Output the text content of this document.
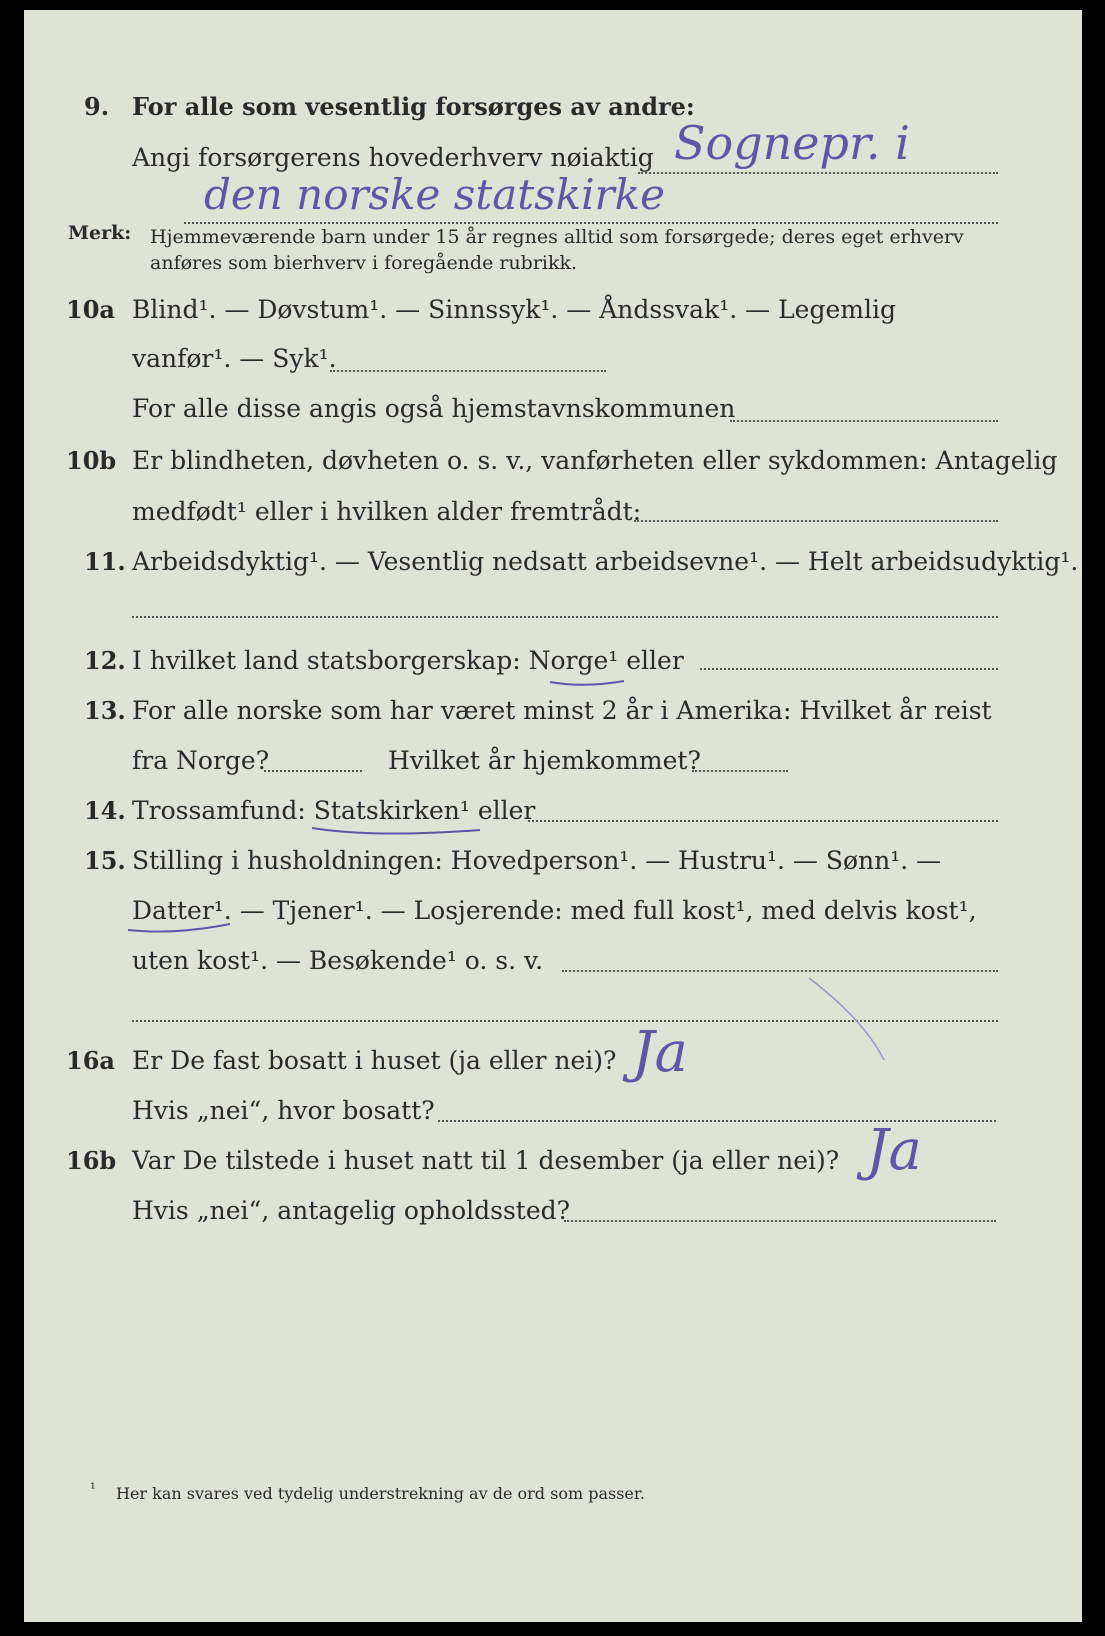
9. For alle som vesentlig forsørges av andre:
Angi forsørgerens hovederhverv nøiaktig Sognepr. i
den norske statskirke
Merk: Hjemmeværende barn under 15 år regnes alltid som forsørgede; deres eget erhverv
anføres som bierhverv i foregående rubrikk.
10a Blind¹. — Døvstum¹. — Sinnssyk¹. — Åndssvak¹. — Legemlig
vanfør¹. — Syk¹.
For alle disse angis også hjemstavnskommunen
10b Er blindheten, døvheten o. s. v., vanførheten eller sykdommen: Antagelig
medfødt¹ eller i hvilken alder fremtrådt:
11. Arbeidsdyktig¹. — Vesentlig nedsatt arbeidsevne¹. — Helt arbeidsudyktig¹.
12. I hvilket land statsborgerskap: Norge¹ eller
13. For alle norske som har været minst 2 år i Amerika: Hvilket år reist
fra Norge?	Hvilket år hjemkommet?
14. Trossamfund: Statskirken¹ eller
15. Stilling i husholdningen: Hovedperson¹. — Hustru¹. — Sønn¹. —
Datter¹. — Tjener¹. — Losjerende: med full kost¹, med delvis kost¹,
uten kost¹. — Besøkende¹ o. s. v.
16a Er De fast bosatt i huset (ja eller nei)? Ja
Hvis „nei“, hvor bosatt?
16b Var De tilstede i huset natt til 1 desember (ja eller nei)? Ja
Hvis „nei“, antagelig opholdssted?
¹ Her kan svares ved tydelig understrekning av de ord som passer.
